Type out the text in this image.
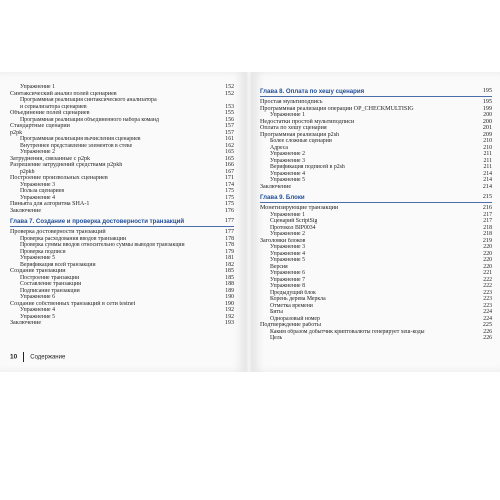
Упражнение 1	152
Синтаксический анализ полей сценариев	152
Программная реализация синтаксического анализатора
и сериализатора сценариев	153
Объединение полей сценариев	155
Программная реализация объединенного набора команд	156
Стандартные сценарии	157
p2pk	157
Программная реализация вычисления сценариев	161
Внутреннее представление элементов в стеке	162
Упражнение 2	165
Затруднения, связанные с p2pk	165
Разрешение затруднений средствами p2pkh	166
p2pkh	167
Построение произвольных сценариев	171
Упражнение 3	174
Польза сценариев	175
Упражнение 4	175
Пиньята для алгоритма SHA-1	175
Заключение	176
Глава 7. Создание и проверка достоверности транзакций	177
Проверка достоверности транзакций	177
Проверка расходования вводов транзакции	178
Проверка суммы вводов относительно суммы выводов транзакции	178
Проверка подписи	179
Упражнение 5	181
Верификация всей транзакции	182
Создание транзакции	185
Построение транзакции	185
Составление транзакции	188
Подписание транзакции	189
Упражнение 6	190
Создание собственных транзакций в сети testnet	190
Упражнение 4	192
Упражнение 5	192
Заключение	193
10 Содержание
Глава 8. Оплата по хешу сценария	195
Простая мультиподпись	195
Программная реализация операции OP_CHECKMULTISIG	199
Упражнение 1	200
Недостатки простой мультиподписи	200
Оплата по хешу сценария	201
Программная реализация p2sh	209
Более сложные сценарии	210
Адреса	210
Упражнение 2	211
Упражнение 3	211
Верификация подписей в p2sh	211
Упражнение 4	214
Упражнение 5	214
Заключение	214
Глава 9. Блоки	215
Монетизирующие транзакции	216
Упражнение 1	217
Сценарий ScriptSig	217
Протокол BIP0034	218
Упражнение 2	218
Заголовки блоков	219
Упражнение 3	220
Упражнение 4	220
Упражнение 5	220
Версия	220
Упражнение 6	221
Упражнение 7	222
Упражнение 8	222
Предыдущий блок	223
Корень дерева Меркла	223
Отметка времени	223
Биты	224
Одноразовый номер	224
Подтверждение работы	225
Каким образом добытчик криптовалюты генерирует хеш-коды	226
Цель	226
